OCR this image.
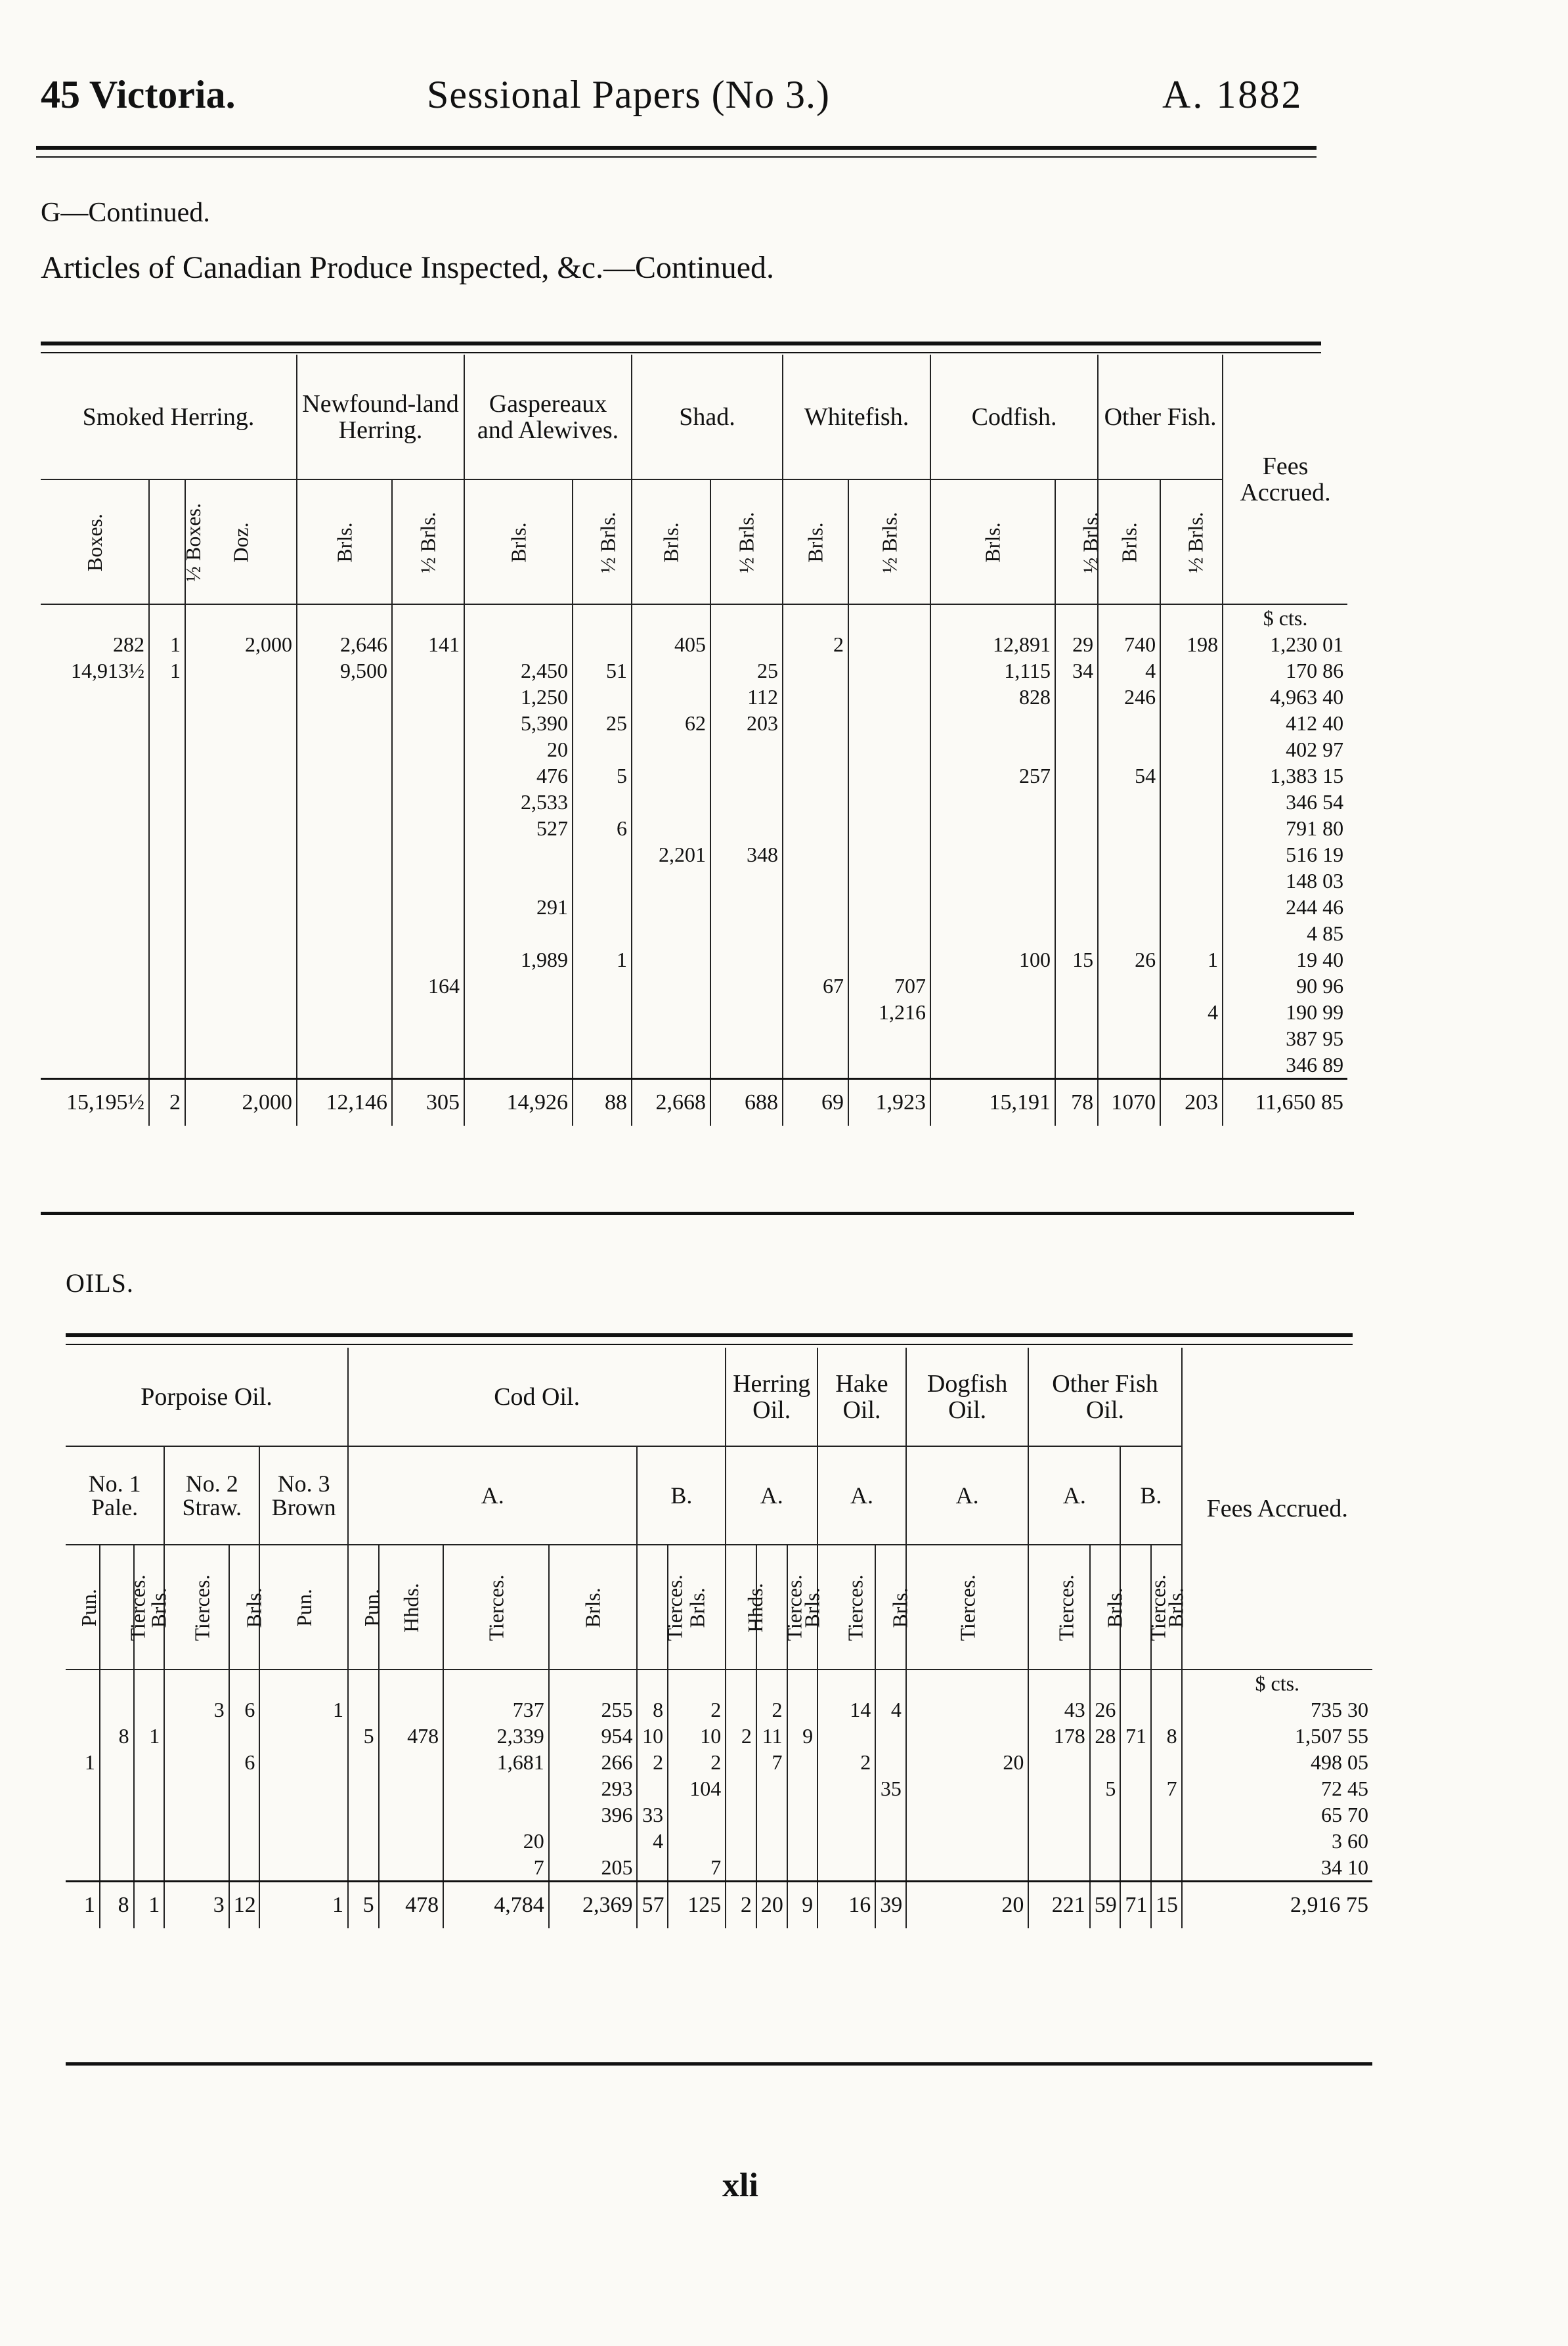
45 Victoria.	Sessional Papers (No 3.)	A. 1882
G—Continued.
Articles of Canadian Produce Inspected, &c.—Continued.
Smoked Herring.			Newfound-land Herring.		Gaspereaux and Alewives.		Shad.		Whitefish.		Codfish.		Other Fish.		Fees Accrued.
Boxes.	½ Boxes.	Doz.	Brls.	½ Brls.	Brls.	½ Brls.	Brls.	½ Brls.	Brls.	½ Brls.	Brls.	½ Brls.	Brls.	½ Brls.	
															$ cts.
282	1	2,000	2,646	141			405		2		12,891	29	740	198	1,230 01
14,913½	1		9,500		2,450	51		25			1,115	34	4		170 86
					1,250			112			828		246		4,963 40
					5,390	25	62	203							412 40
					20										402 97
					476	5					257		54		1,383 15
					2,533										346 54
					527	6									791 80
							2,201	348							516 19
															148 03
					291										244 46
															4 85
					1,989	1					100	15	26	1	19 40
				164					67	707					90 96
										1,216				4	190 99
															387 95
															346 89
15,195½	2	2,000	12,146	305	14,926	88	2,668	688	69	1,923	15,191	78	1070	203	11,650 85
OILS.
Porpoise Oil.						Cod Oil.						Herring Oil.			Hake Oil.		Dogfish Oil.	Other Fish Oil.				Fees Accrued.
No. 1 Pale.			No. 2 Straw.		No. 3 Brown	A.				B.		A.			A.		A.	A.		B.		
Pun.	Tierces.	Brls.	Tierces.	Brls.	Pun.	Pun.	Hhds.	Tierces.	Brls.	Tierces.	Brls.	Hhds.	Tierces.	Brls.	Tierces.	Brls.	Tierces.	Tierces.	Brls.	Tierces.	Brls.	
																						$ cts.
			3	6	1			737	255	8	2		2		14	4		43	26			735 30
	8	1				5	478	2,339	954	10	10	2	11	9				178	28	71	8	1,507 55
1				6				1,681	266	2	2		7		2		20					498 05
									293		104					35			5		7	72 45
									396	33												65 70
								20		4												3 60
								7	205		7											34 10
1	8	1	3	12	1	5	478	4,784	2,369	57	125	2	20	9	16	39	20	221	59	71	15	2,916 75
xli
